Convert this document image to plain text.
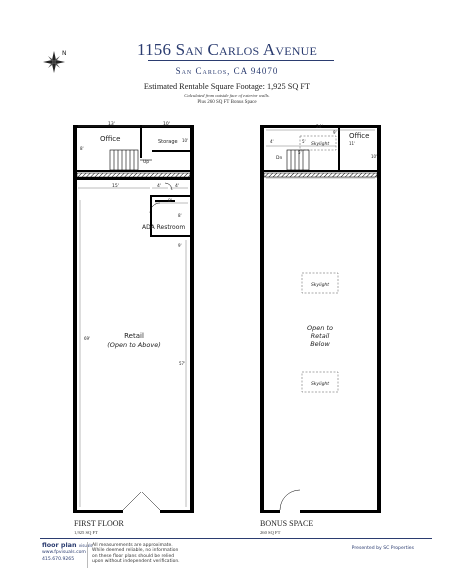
1156 San Carlos Avenue
San Carlos, CA 94070
Estimated Rentable Square Footage: 1,925 SQ FT
Calculated from outside face of exterior walls.
Plus 260 SQ FT Bonus Space
N
Office	Storage
Up
ADA Restroom
Retail
(Open to Above)
13'	10'
8'
10'
15'	4'	4'
8'
8'
9'
69'
57'
Office
Skylight
Dn
Skylight
Skylight
Open to
Retail
Below
24'
11'
4'	5'
9'
5'
10'
FIRST FLOOR
1,925 SQ FT
BONUS SPACE
260 SQ FT
floor plan visuals
www.fpvisuals.com
415.670.9265
All measurements are approximate.
While deemed reliable, no information
on these floor plans should be relied
upon without independent verification.
Presented by SC Properties
